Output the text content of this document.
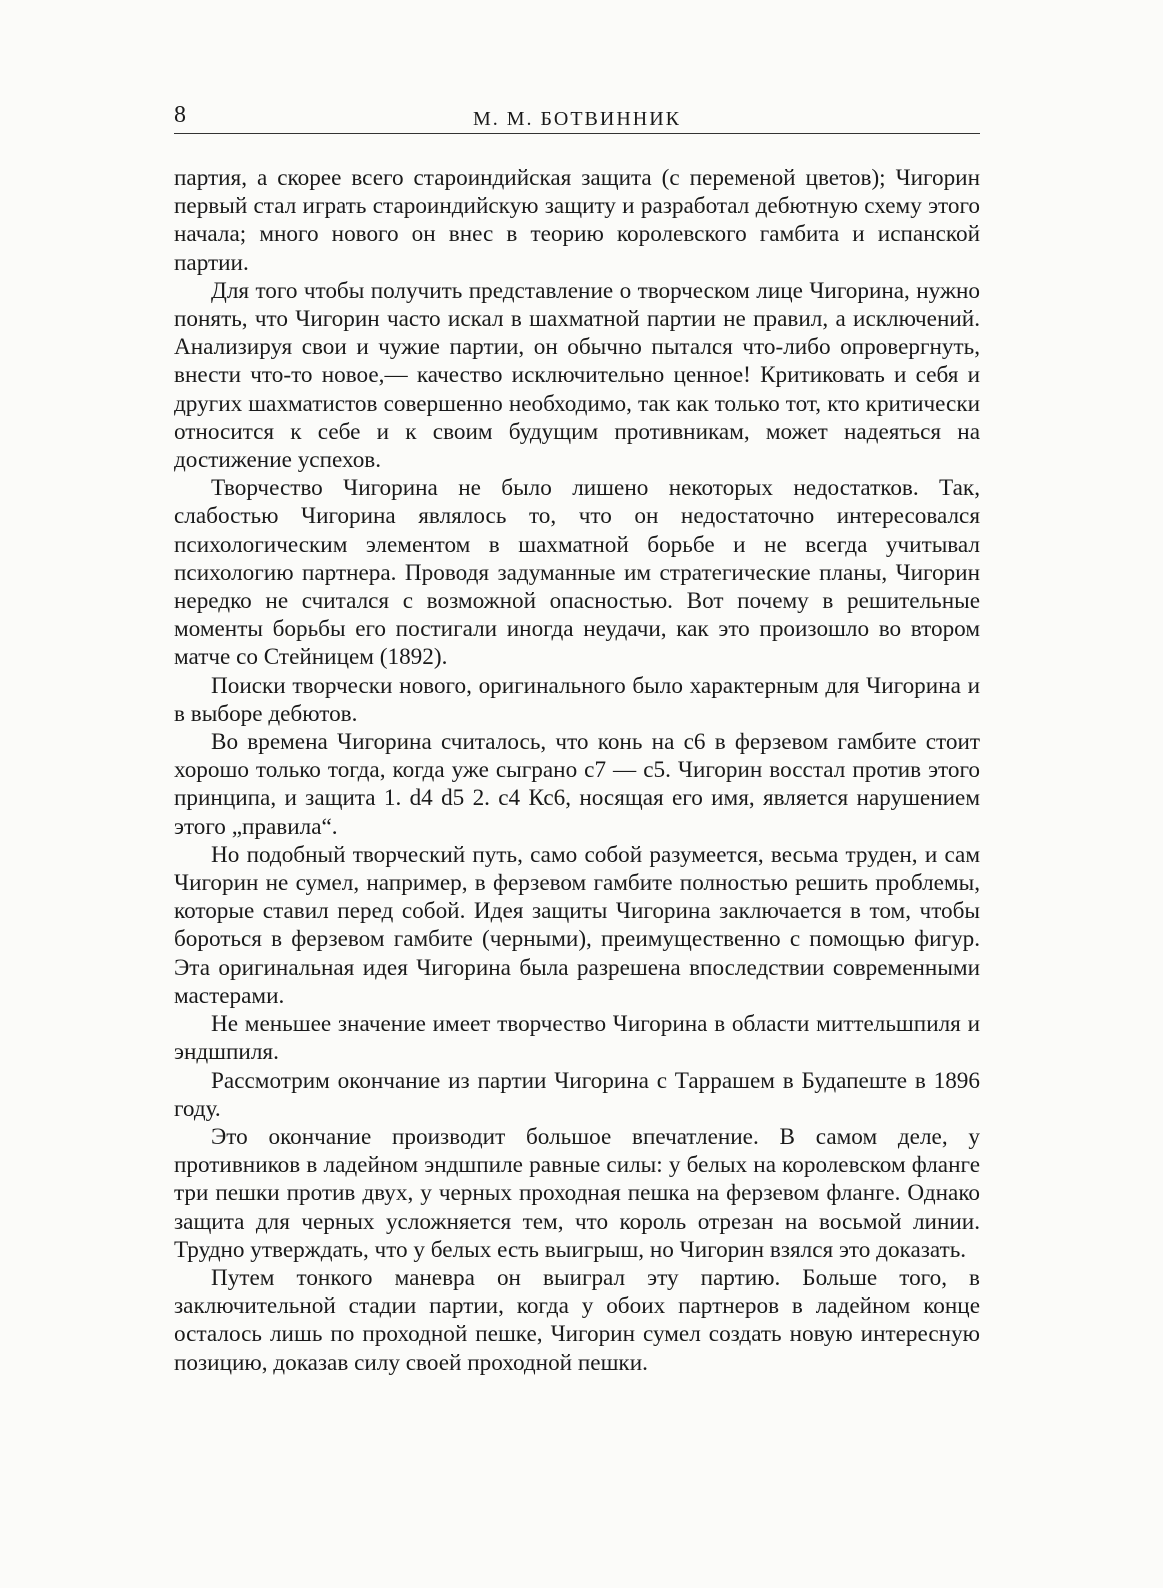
8	М. М. БОТВИННИК

партия, а скорее всего староиндийская защита (с переменой цветов); Чигорин первый стал играть староиндийскую защиту и разработал дебютную схему этого начала; много нового он внес в теорию королевского гамбита и испанской партии.

Для того чтобы получить представление о творческом лице Чигорина, нужно понять, что Чигорин часто искал в шахматной партии не правил, а исключений. Анализируя свои и чужие партии, он обычно пытался что-либо опровергнуть, внести что-то новое,— качество исключительно ценное! Критиковать и себя и других шахматистов совершенно необходимо, так как только тот, кто критически относится к себе и к своим будущим противникам, может надеяться на достижение успехов.

Творчество Чигорина не было лишено некоторых недостатков. Так, слабостью Чигорина являлось то, что он недостаточно интересовался психологическим элементом в шахматной борьбе и не всегда учитывал психологию партнера. Проводя задуманные им стратегические планы, Чигорин нередко не считался с возможной опасностью. Вот почему в решительные моменты борьбы его постигали иногда неудачи, как это произошло во втором матче со Стейницем (1892).

Поиски творчески нового, оригинального было характерным для Чигорина и в выборе дебютов.

Во времена Чигорина считалось, что конь на с6 в ферзевом гамбите стоит хорошо только тогда, когда уже сыграно с7 — с5. Чигорин восстал против этого принципа, и защита 1. d4 d5 2. с4 Кс6, носящая его имя, является нарушением этого „правила“.

Но подобный творческий путь, само собой разумеется, весьма труден, и сам Чигорин не сумел, например, в ферзевом гамбите полностью решить проблемы, которые ставил перед собой. Идея защиты Чигорина заключается в том, чтобы бороться в ферзевом гамбите (черными), преимущественно с помощью фигур. Эта оригинальная идея Чигорина была разрешена впоследствии современными мастерами.

Не меньшее значение имеет творчество Чигорина в области миттельшпиля и эндшпиля.

Рассмотрим окончание из партии Чигорина с Таррашем в Будапеште в 1896 году.

Это окончание производит большое впечатление. В самом деле, у противников в ладейном эндшпиле равные силы: у белых на королевском фланге три пешки против двух, у черных проходная пешка на ферзевом фланге. Однако защита для черных усложняется тем, что король отрезан на восьмой линии. Трудно утверждать, что у белых есть выигрыш, но Чигорин взялся это доказать.

Путем тонкого маневра он выиграл эту партию. Больше того, в заключительной стадии партии, когда у обоих партнеров в ладейном конце осталось лишь по проходной пешке, Чигорин сумел создать новую интересную позицию, доказав силу своей проходной пешки.
